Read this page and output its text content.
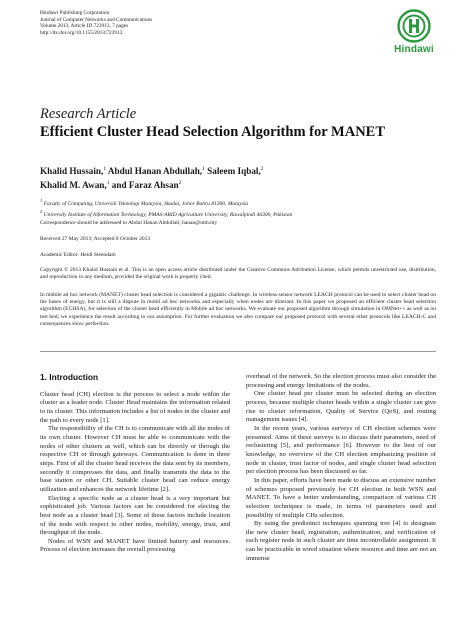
Hindawi Publishing Corporation
Journal of Computer Networks and Communications
Volume 2013, Article ID 723913, 7 pages
http://dx.doi.org/10.1155/2013/723913
Hindawi
Research Article
Efficient Cluster Head Selection Algorithm for MANET
Khalid Hussain,$^1$ Abdul Hanan Abdullah,$^1$ Saleem Iqbal,$^2$
Khalid M. Awan,$^1$ and Faraz Ahsan$^2$
$^1$ Faculty of Computing, Universiti Teknologi Malaysia, Skudai, Johor Bahru 81300, Malaysia
$^2$ University Institute of Information Technology, PMAS-ARID Agriculture University, Rawalpindi 46300, Pakistan
Correspondence should be addressed to Abdul Hanan Abdullah; hanan@utm.my
Received 27 May 2013; Accepted 8 October 2013
Academic Editor: Heidi Steendam
Copyright © 2013 Khalid Hussain et al. This is an open access article distributed under the Creative Commons Attribution License, which permits unrestricted use, distribution, and reproduction in any medium, provided the original work is properly cited.
In mobile ad hoc network (MANET) cluster head selection is considered a gigantic challenge. In wireless sensor network LEACH protocol can be used to select cluster head on the bases of energy, but it is still a dispute in mobil ad hoc networks and especially when nodes are itinerant. In this paper we proposed an efficient cluster head selection algorithm (ECHSA), for selection of the cluster head efficiently in Mobile ad hoc networks. We evaluate our proposed algorithm through simulation in OMNet++ as well as on test bed; we experience the result according to our assumption. For further evaluation we also compare our proposed protocol with several other protocols like LEACH-C and consequences show perfection.
1. Introduction

Cluster head (CH) election is the process to select a node within the cluster as a leader node. Cluster Head maintains the information related to its cluster. This information includes a list of nodes in the cluster and the path to every node [1].

The responsibility of the CH is to communicate with all the nodes of its own cluster. However CH must be able to communicate with the nodes of other clusters as well, which can be directly or through the respective CH or through gateways. Communication is done in three steps. First of all the cluster head receives the data sent by its members, secondly it compresses the data, and finally transmits the data to the base station or other CH. Suitable cluster head can reduce energy utilization and enhances the network lifetime [2].

Electing a specific node as a cluster head is a very important but sophisticated job. Various factors can be considered for electing the best node as a cluster head [3]. Some of these factors include location of the node with respect to other nodes, mobility, energy, trust, and throughput of the node.

Nodes of WSN and MANET have limited battery and resources. Process of election increases the overall processing

overhead of the network. So the election process must also consider the processing and energy limitations of the nodes.

One cluster head per cluster must be selected during an election process, because multiple cluster heads within a single cluster can give rise to cluster reformation, Quality of Service (QoS), and routing management issues [4].

In the recent years, various surveys of CH election schemes were presented. Aims of these surveys is to discuss their parameters, need of reclustering [5], and performance [6]. However to the best of our knowledge, no overview of the CH election emphasizing position of node in cluster, trust factor of nodes, and single cluster head selection per election process has been discussed so far.

In this paper, efforts have been made to discuss an extensive number of schemes proposed previously for CH election in both WSN and MANET. To have a better understanding, comparison of various CH selection techniques is made, in terms of parameters used and possibility of multiple CHs selection.

By using the predistinct techniques spanning tree [4] to designate the new cluster head, registration, authentication, and verification of each register node in such cluster are time incontrollable assignment. It can be practicable in wired situation where resource and time are not an immense
